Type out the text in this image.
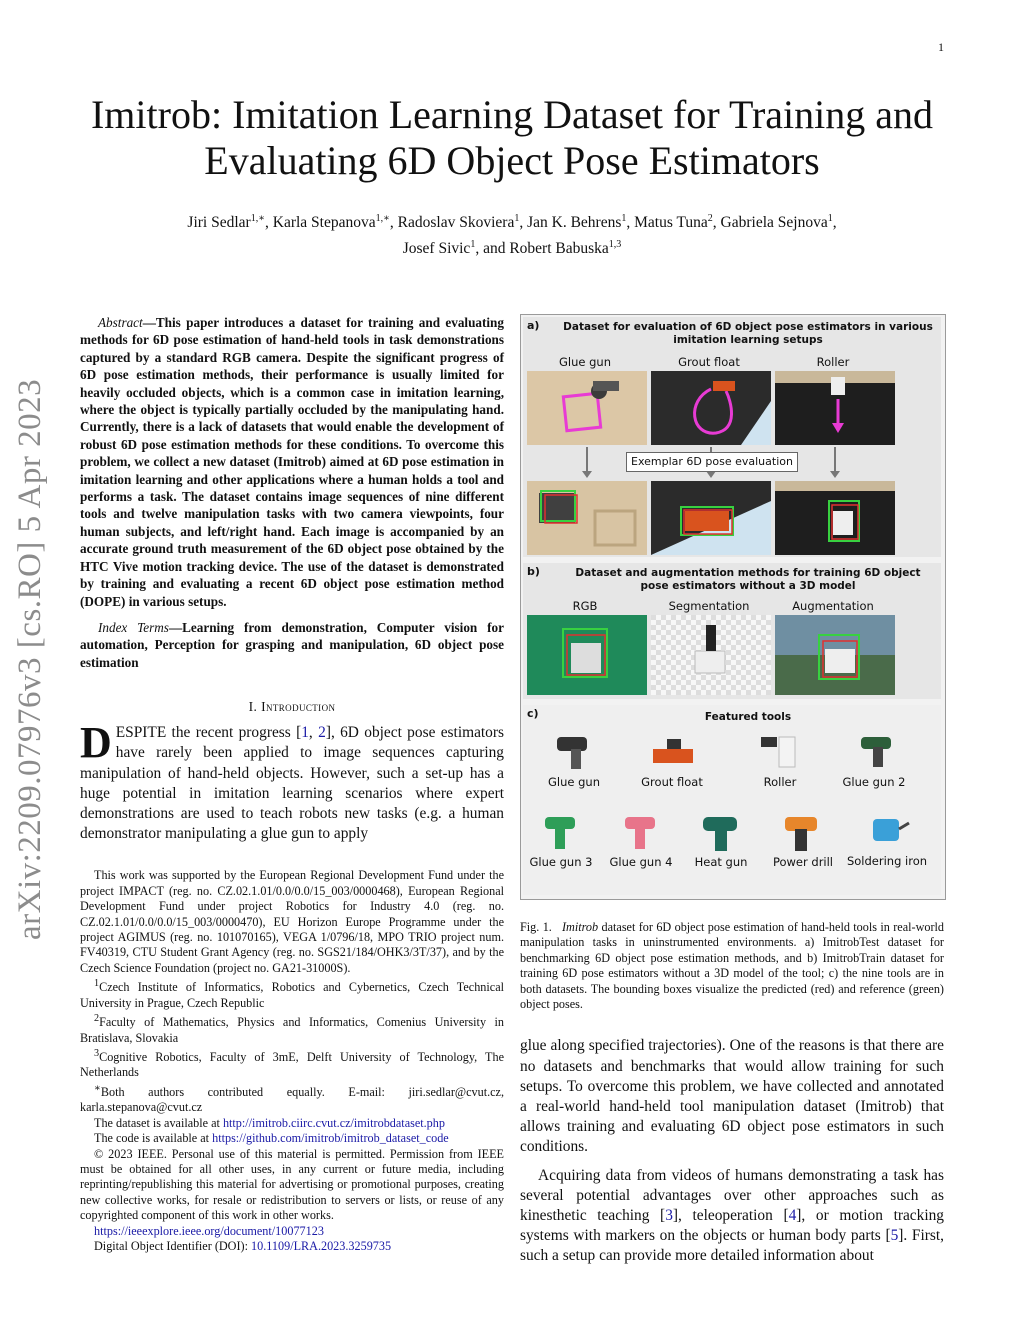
1
arXiv:2209.07976v3 [cs.RO] 5 Apr 2023
Imitrob: Imitation Learning Dataset for Training and Evaluating 6D Object Pose Estimators
Jiri Sedlar$^{1,∗}$, Karla Stepanova$^{1,∗}$, Radoslav Skoviera$^1$, Jan K. Behrens$^1$, Matus Tuna$^2$, Gabriela Sejnova$^1$,
Josef Sivic$^1$, and Robert Babuska$^{1,3}$

Abstract—This paper introduces a dataset for training and evaluating methods for 6D pose estimation of hand-held tools in task demonstrations captured by a standard RGB camera. Despite the significant progress of 6D pose estimation methods, their performance is usually limited for heavily occluded objects, which is a common case in imitation learning, where the object is typically partially occluded by the manipulating hand. Currently, there is a lack of datasets that would enable the development of robust 6D pose estimation methods for these conditions. To overcome this problem, we collect a new dataset (Imitrob) aimed at 6D pose estimation in imitation learning and other applications where a human holds a tool and performs a task. The dataset contains image sequences of nine different tools and twelve manipulation tasks with two camera viewpoints, four human subjects, and left/right hand. Each image is accompanied by an accurate ground truth measurement of the 6D object pose obtained by the HTC Vive motion tracking device. The use of the dataset is demonstrated by training and evaluating a recent 6D object pose estimation method (DOPE) in various setups.

Index Terms—Learning from demonstration, Computer vision for automation, Perception for grasping and manipulation, 6D object pose estimation

I. Introduction

DESPITE the recent progress [1, 2], 6D object pose estimators have rarely been applied to image sequences capturing manipulation of hand-held objects. However, such a set-up has a huge potential in imitation learning scenarios where expert demonstrations are used to teach robots new tasks (e.g. a human demonstrator manipulating a glue gun to apply

This work was supported by the European Regional Development Fund under the project IMPACT (reg. no. CZ.02.1.01/0.0/0.0/15_003/0000468), European Regional Development Fund under project Robotics for Industry 4.0 (reg. no. CZ.02.1.01/0.0/0.0/15_003/0000470), EU Horizon Europe Programme under the project AGIMUS (reg. no. 101070165), VEGA 1/0796/18, MPO TRIO project num. FV40319, CTU Student Grant Agency (reg. no. SGS21/184/OHK3/3T/37), and by the Czech Science Foundation (project no. GA21-31000S).

$^1$Czech Institute of Informatics, Robotics and Cybernetics, Czech Technical University in Prague, Czech Republic

$^2$Faculty of Mathematics, Physics and Informatics, Comenius University in Bratislava, Slovakia

$^3$Cognitive Robotics, Faculty of 3mE, Delft University of Technology, The Netherlands

∗Both authors contributed equally. E-mail: jiri.sedlar@cvut.cz, karla.stepanova@cvut.cz

The dataset is available at http://imitrob.ciirc.cvut.cz/imitrobdataset.php

The code is available at https://github.com/imitrob/imitrob_dataset_code

© 2023 IEEE. Personal use of this material is permitted. Permission from IEEE must be obtained for all other uses, in any current or future media, including reprinting/republishing this material for advertising or promotional purposes, creating new collective works, for resale or redistribution to servers or lists, or reuse of any copyrighted component of this work in other works.

https://ieeexplore.ieee.org/document/10077123

Digital Object Identifier (DOI): 10.1109/LRA.2023.3259735

a) Dataset for evaluation of 6D object pose estimators in various imitation learning setups
Glue gun	Grout float	Roller
Exemplar 6D pose evaluation
b)	Dataset and augmentation methods for training 6D object pose estimators without a 3D model
RGB	Segmentation	Augmentation
c)	Featured tools
Glue gun	Grout float	Roller	Glue gun 2
Glue gun 3	Glue gun 4	Heat gun	Power drill	Soldering iron

Fig. 1. Imitrob dataset for 6D object pose estimation of hand-held tools in real-world manipulation tasks in uninstrumented environments. a) ImitrobTest dataset for benchmarking 6D object pose estimation methods, and b) ImitrobTrain dataset for training 6D pose estimators without a 3D model of the tool; c) the nine tools are in both datasets. The bounding boxes visualize the predicted (red) and reference (green) object poses.

glue along specified trajectories). One of the reasons is that there are no datasets and benchmarks that would allow training for such setups. To overcome this problem, we have collected and annotated a real-world hand-held tool manipulation dataset (Imitrob) that allows training and evaluating 6D object pose estimators in such conditions.

Acquiring data from videos of humans demonstrating a task has several potential advantages over other approaches such as kinesthetic teaching [3], teleoperation [4], or motion tracking systems with markers on the objects or human body parts [5]. First, such a setup can provide more detailed information about
